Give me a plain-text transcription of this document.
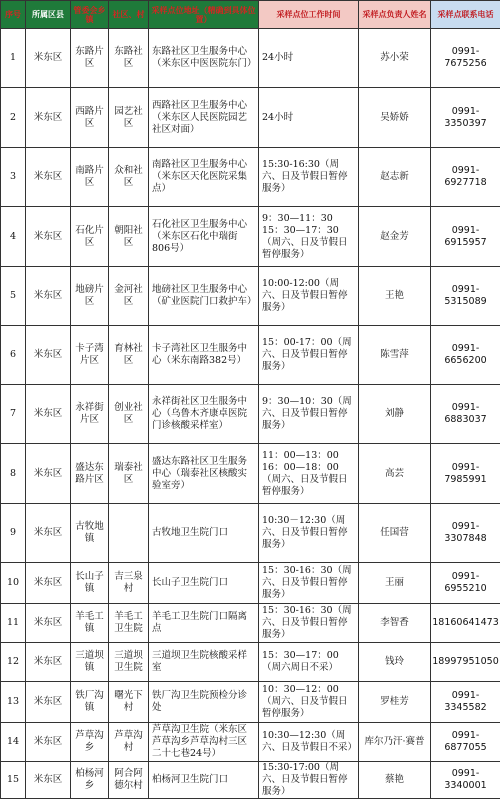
序号	所属区县	管委会乡镇	社区、村	采样点位地址（精确到具体位置）	采样点位工作时间	采样点负责人姓名	采样点联系电话
1	米东区	东路片区	东路社区	东路社区卫生服务中心（米东区中医医院东门）	24小时	苏小荣	0991-7675256
2	米东区	西路片区	园艺社区	西路社区卫生服务中心（米东区人民医院园艺社区对面）	24小时	吴娇娇	0991-3350397
3	米东区	南路片区	众和社区	南路社区卫生服务中心（米东区天化医院采集点）	15:30-16:30（周六、日及节假日暂停服务）	赵志新	0991-6927718
4	米东区	石化片区	朝阳社区	石化社区卫生服务中心（米东区石化中瑞街806号）	9：30—11：30 15：30—17：30（周六、日及节假日暂停服务）	赵金芳	0991-6915957
5	米东区	地磅片区	金河社区	地磅社区卫生服务中心（矿业医院门口救护车）	10:00-12:00（周六、日及节假日暂停服务）	王艳	0991-5315089
6	米东区	卡子湾片区	育林社区	卡子湾社区卫生服务中心（米东南路382号）	15：00-17：00（周六、日及节假日暂停服务）	陈雪萍	0991-6656200
7	米东区	永祥街片区	创业社区	永祥街社区卫生服务中心（乌鲁木齐康卓医院门诊核酸采样室）	9：30—10：30（周六、日及节假日暂停服务）	刘静	0991-6883037
8	米东区	盛达东路片区	瑞泰社区	盛达东路社区卫生服务中心（瑞泰社区核酸实验室旁）	11：00—13：00 16：00—18：00（周六、日及节假日暂停服务）	高芸	0991-7985991
9	米东区	古牧地镇		古牧地卫生院门口	10:30－12:30（周六、日及节假日暂停服务）	任国营	0991-3307848
10	米东区	长山子镇	吉三泉村	长山子卫生院门口	15：30-16：30（周六、日及节假日暂停服务）	王丽	0991-6955210
11	米东区	羊毛工镇	羊毛工卫生院	羊毛工卫生院门口隔离点	15：30-16：30（周六、日及节假日暂停服务）	李智香	18160641473
12	米东区	三道坝镇	三道坝卫生院	三道坝卫生院核酸采样室	15：30—17：00（周六周日不采）	钱玲	18997951050
13	米东区	铁厂沟镇	曙光下村	铁厂沟卫生院预检分诊处	10：30—12：00（周六、日及节假日暂停服务）	罗桂芳	0991-3345582
14	米东区	芦草沟乡	芦草沟村	芦草沟卫生院（米东区芦草沟乡芦草沟村三区二十七巷24号）	10:30—12:30（周六、日及节假日不采）	库尔乃汗·赛普	0991-6877055
15	米东区	柏杨河乡	阿合阿德尔村	柏杨河卫生院门口	15:30-17:00（周六、日及节假日暂停服务）	蔡艳	0991-3340001
